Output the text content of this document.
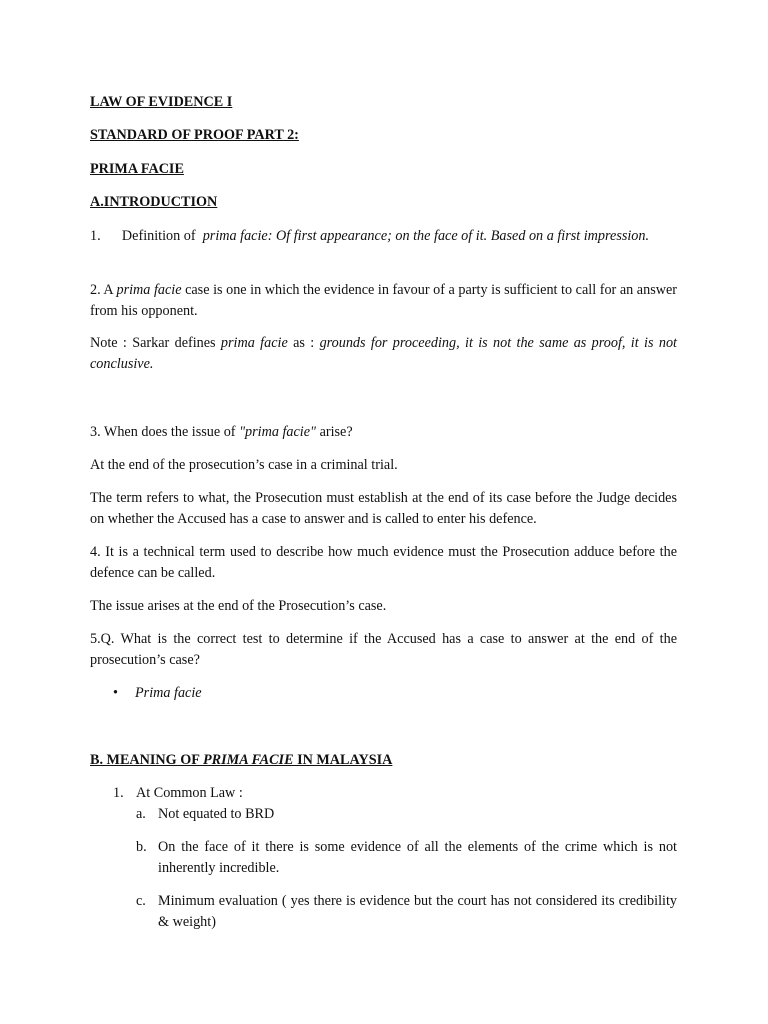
LAW OF EVIDENCE I
STANDARD OF PROOF PART 2:
PRIMA FACIE
A.INTRODUCTION
1. Definition of  prima facie: Of first appearance; on the face of it. Based on a first impression.
2. A prima facie case is one in which the evidence in favour of a party is sufficient to call for an answer from his opponent.
Note : Sarkar defines prima facie as : grounds for proceeding, it is not the same as proof, it is not conclusive.
3. When does the issue of "prima facie" arise?
At the end of the prosecution’s case in a criminal trial.
The term refers to what, the Prosecution must establish at the end of its case before the Judge decides on whether the Accused has a case to answer and is called to enter his defence.
4. It is a technical term used to describe how much evidence must the Prosecution adduce before the defence can be called.
The issue arises at the end of the Prosecution’s case.
5.Q. What is the correct test to determine if the Accused has a case to answer at the end of the prosecution’s case?
• Prima facie
B. MEANING OF PRIMA FACIE IN MALAYSIA
1. At Common Law :
a. Not equated to BRD
b. On the face of it there is some evidence of all the elements of the crime which is not inherently incredible.
c. Minimum evaluation ( yes there is evidence but the court has not considered its credibility & weight)
